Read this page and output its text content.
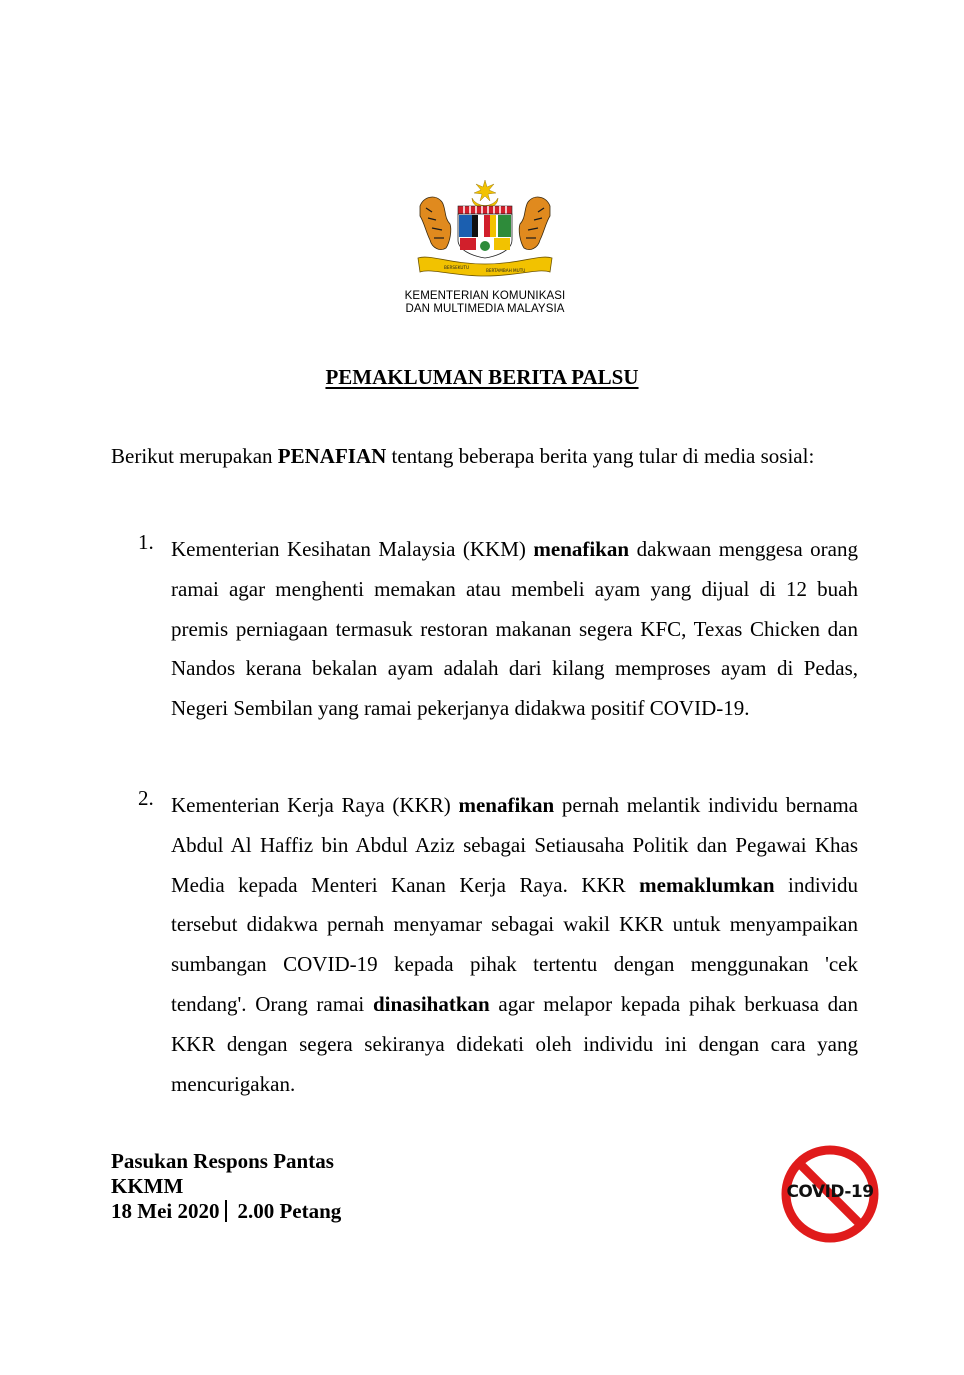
BERSEKUTU
BERTAMBAH MUTU
KEMENTERIAN KOMUNIKASI
DAN MULTIMEDIA MALAYSIA
PEMAKLUMAN BERITA PALSU
Berikut merupakan PENAFIAN tentang beberapa berita yang tular di media sosial:
1. Kementerian Kesihatan Malaysia (KKM) menafikan dakwaan menggesa orang ramai agar menghenti memakan atau membeli ayam yang dijual di 12 buah premis perniagaan termasuk restoran makanan segera KFC, Texas Chicken dan Nandos kerana bekalan ayam adalah dari kilang memproses ayam di Pedas, Negeri Sembilan yang ramai pekerjanya didakwa positif COVID-19.
2. Kementerian Kerja Raya (KKR) menafikan pernah melantik individu bernama Abdul Al Haffiz bin Abdul Aziz sebagai Setiausaha Politik dan Pegawai Khas Media kepada Menteri Kanan Kerja Raya. KKR memaklumkan individu tersebut didakwa pernah menyamar sebagai wakil KKR untuk menyampaikan sumbangan COVID-19 kepada pihak tertentu dengan menggunakan 'cek tendang'. Orang ramai dinasihatkan agar melapor kepada pihak berkuasa dan KKR dengan segera sekiranya didekati oleh individu ini dengan cara yang mencurigakan.
Pasukan Respons Pantas
KKMM
18 Mei 2020 2.00 Petang
COVID-19
